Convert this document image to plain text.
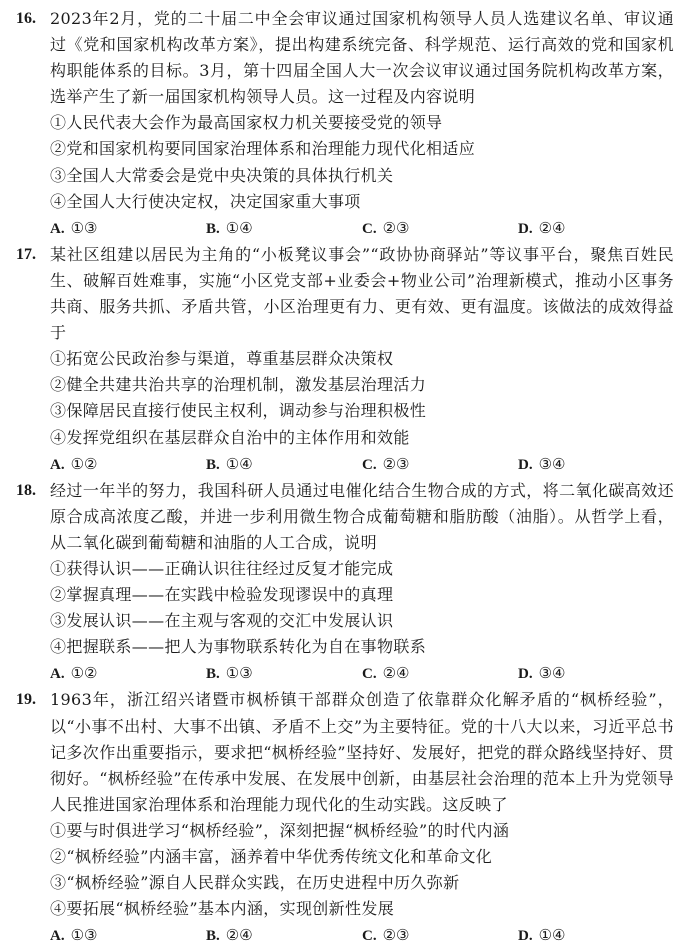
16. 2023年2月，党的二十届二中全会审议通过国家机构领导人员人选建议名单、审议通过《党和国家机构改革方案》，提出构建系统完备、科学规范、运行高效的党和国家机构职能体系的目标。3月，第十四届全国人大一次会议审议通过国务院机构改革方案，选举产生了新一届国家机构领导人员。这一过程及内容说明
①人民代表大会作为最高国家权力机关要接受党的领导
②党和国家机构要同国家治理体系和治理能力现代化相适应
③全国人大常委会是党中央决策的具体执行机关
④全国人大行使决定权，决定国家重大事项
A. ①③	B. ①④	C. ②③	D. ②④
17. 某社区组建以居民为主角的“小板凳议事会”“政协协商驿站”等议事平台，聚焦百姓民生、破解百姓难事，实施“小区党支部+业委会+物业公司”治理新模式，推动小区事务共商、服务共抓、矛盾共管，小区治理更有力、更有效、更有温度。该做法的成效得益于
①拓宽公民政治参与渠道，尊重基层群众决策权
②健全共建共治共享的治理机制，激发基层治理活力
③保障居民直接行使民主权利，调动参与治理积极性
④发挥党组织在基层群众自治中的主体作用和效能
A. ①②	B. ①④	C. ②③	D. ③④
18. 经过一年半的努力，我国科研人员通过电催化结合生物合成的方式，将二氧化碳高效还原合成高浓度乙酸，并进一步利用微生物合成葡萄糖和脂肪酸（油脂）。从哲学上看，从二氧化碳到葡萄糖和油脂的人工合成，说明
①获得认识——正确认识往往经过反复才能完成
②掌握真理——在实践中检验发现谬误中的真理
③发展认识——在主观与客观的交汇中发展认识
④把握联系——把人为事物联系转化为自在事物联系
A. ①②	B. ①③	C. ②④	D. ③④
19. 1963年，浙江绍兴诸暨市枫桥镇干部群众创造了依靠群众化解矛盾的“枫桥经验”，以“小事不出村、大事不出镇、矛盾不上交”为主要特征。党的十八大以来，习近平总书记多次作出重要指示，要求把“枫桥经验”坚持好、发展好，把党的群众路线坚持好、贯彻好。“枫桥经验”在传承中发展、在发展中创新，由基层社会治理的范本上升为党领导人民推进国家治理体系和治理能力现代化的生动实践。这反映了
①要与时俱进学习“枫桥经验”，深刻把握“枫桥经验”的时代内涵
②“枫桥经验”内涵丰富，涵养着中华优秀传统文化和革命文化
③“枫桥经验”源自人民群众实践，在历史进程中历久弥新
④要拓展“枫桥经验”基本内涵，实现创新性发展
A. ①③	B. ②④	C. ②③	D. ①④
